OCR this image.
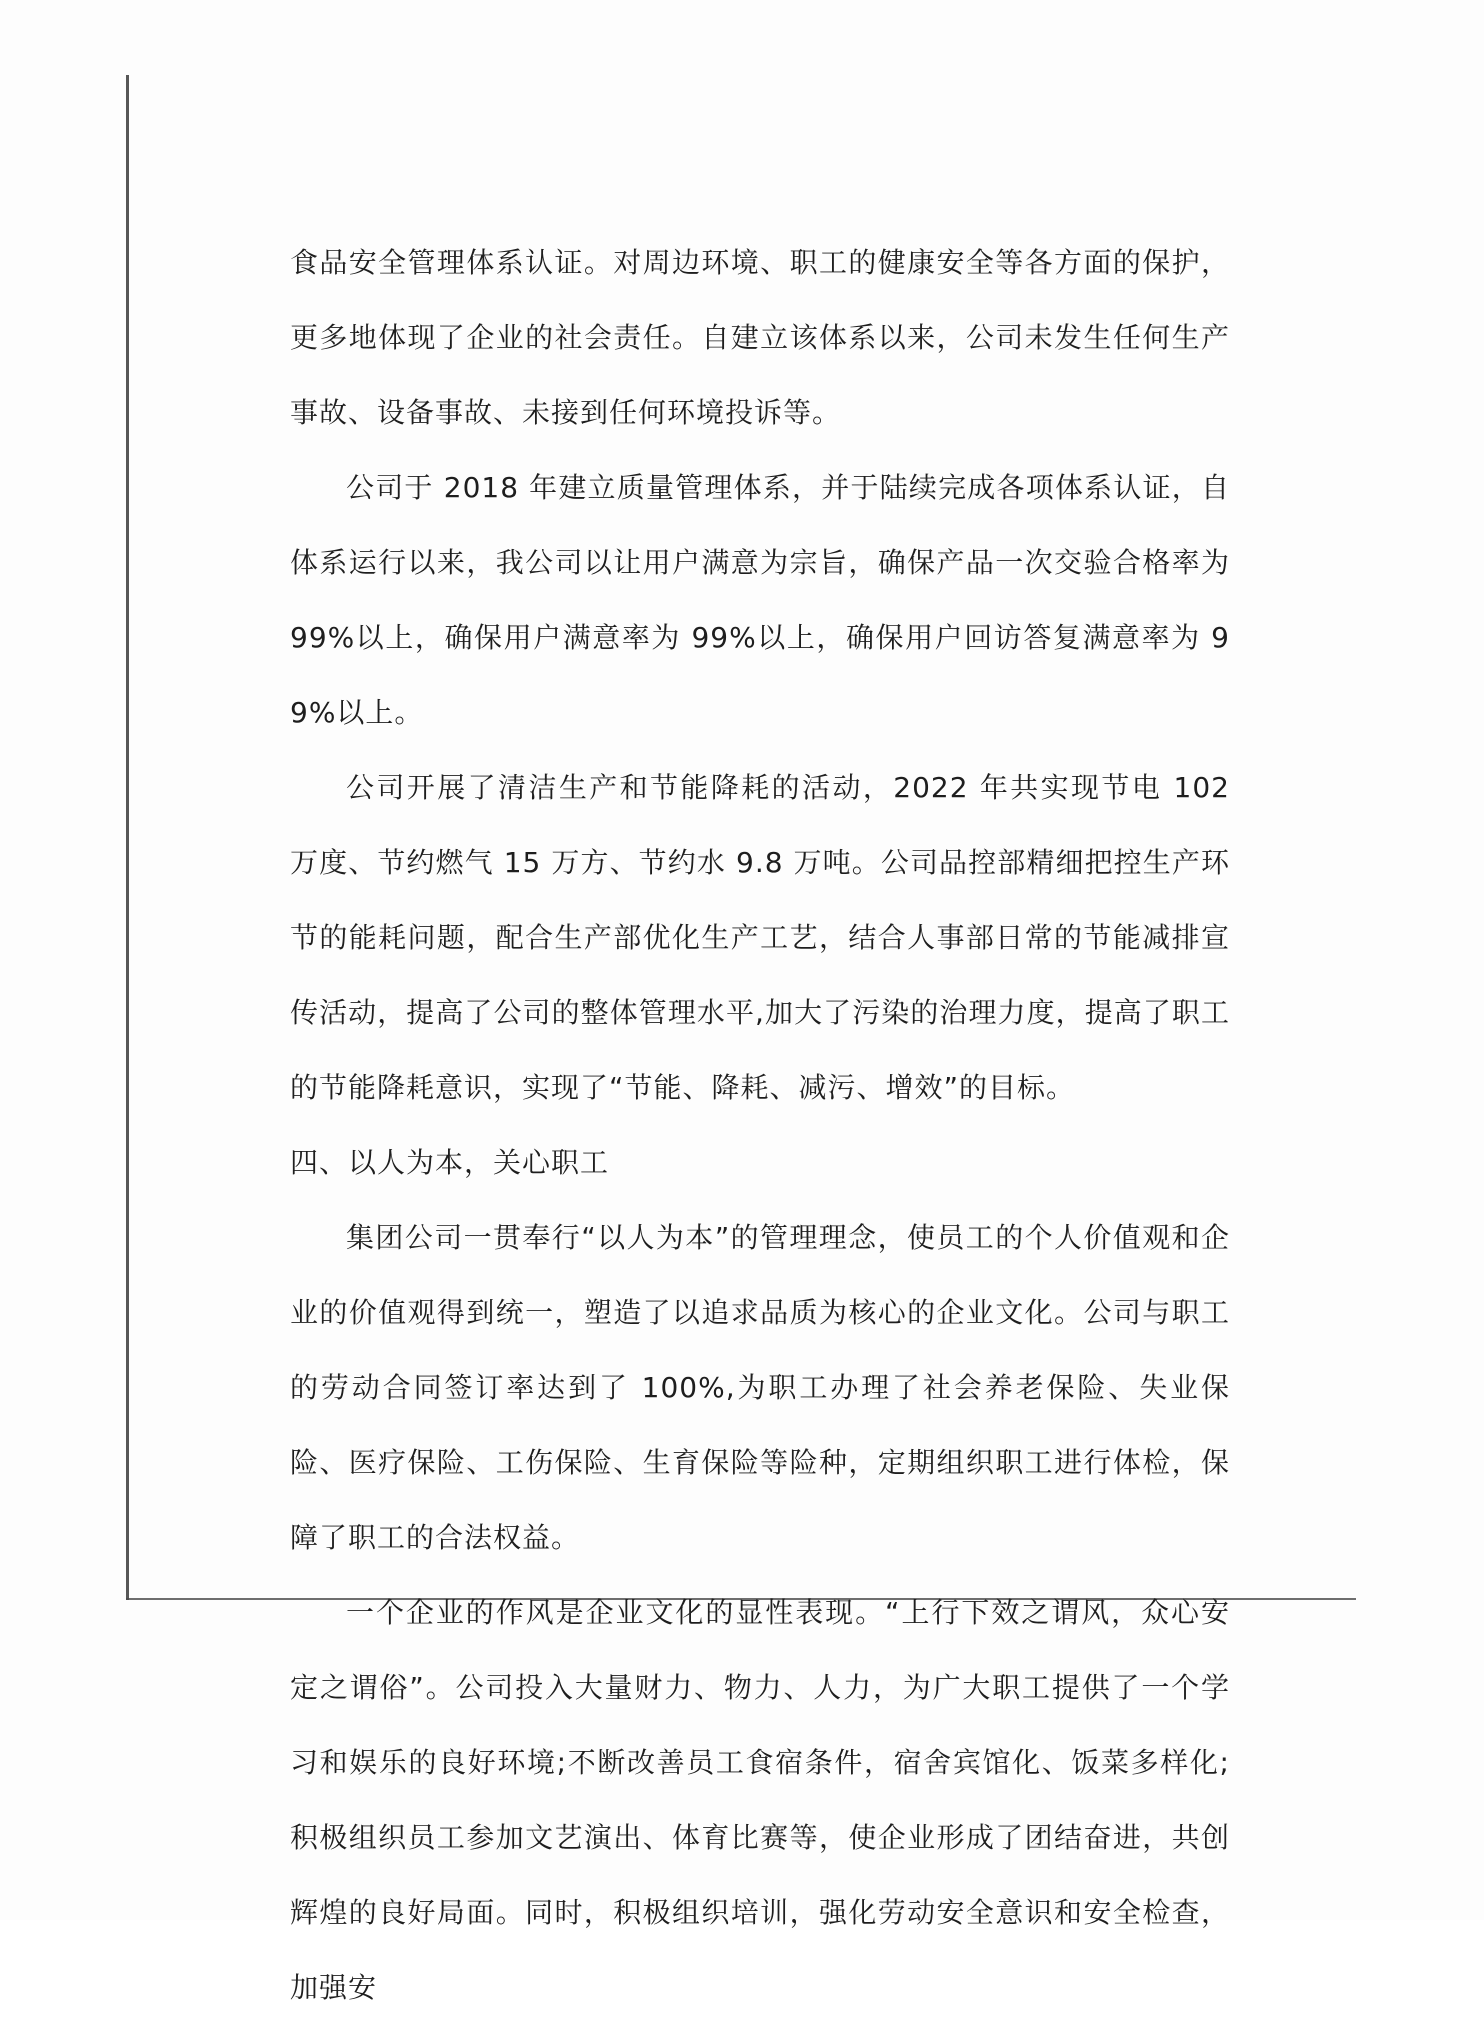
食品安全管理体系认证。对周边环境、职工的健康安全等各方面的保护，更多地体现了企业的社会责任。自建立该体系以来，公司未发生任何生产事故、设备事故、未接到任何环境投诉等。

公司于 2018 年建立质量管理体系，并于陆续完成各项体系认证，自体系运行以来，我公司以让用户满意为宗旨，确保产品一次交验合格率为 99%以上，确保用户满意率为 99%以上，确保用户回访答复满意率为 99%以上。

公司开展了清洁生产和节能降耗的活动，2022 年共实现节电 102 万度、节约燃气 15 万方、节约水 9.8 万吨。公司品控部精细把控生产环节的能耗问题，配合生产部优化生产工艺，结合人事部日常的节能减排宣传活动，提高了公司的整体管理水平,加大了污染的治理力度，提高了职工的节能降耗意识，实现了“节能、降耗、减污、增效”的目标。

四、以人为本，关心职工

集团公司一贯奉行“以人为本”的管理理念，使员工的个人价值观和企业的价值观得到统一，塑造了以追求品质为核心的企业文化。公司与职工的劳动合同签订率达到了 100%,为职工办理了社会养老保险、失业保险、医疗保险、工伤保险、生育保险等险种，定期组织职工进行体检，保障了职工的合法权益。

一个企业的作风是企业文化的显性表现。“上行下效之谓风，众心安定之谓俗”。公司投入大量财力、物力、人力，为广大职工提供了一个学习和娱乐的良好环境;不断改善员工食宿条件，宿舍宾馆化、饭菜多样化;积极组织员工参加文艺演出、体育比赛等，使企业形成了团结奋进，共创辉煌的良好局面。同时，积极组织培训，强化劳动安全意识和安全检查，加强安
